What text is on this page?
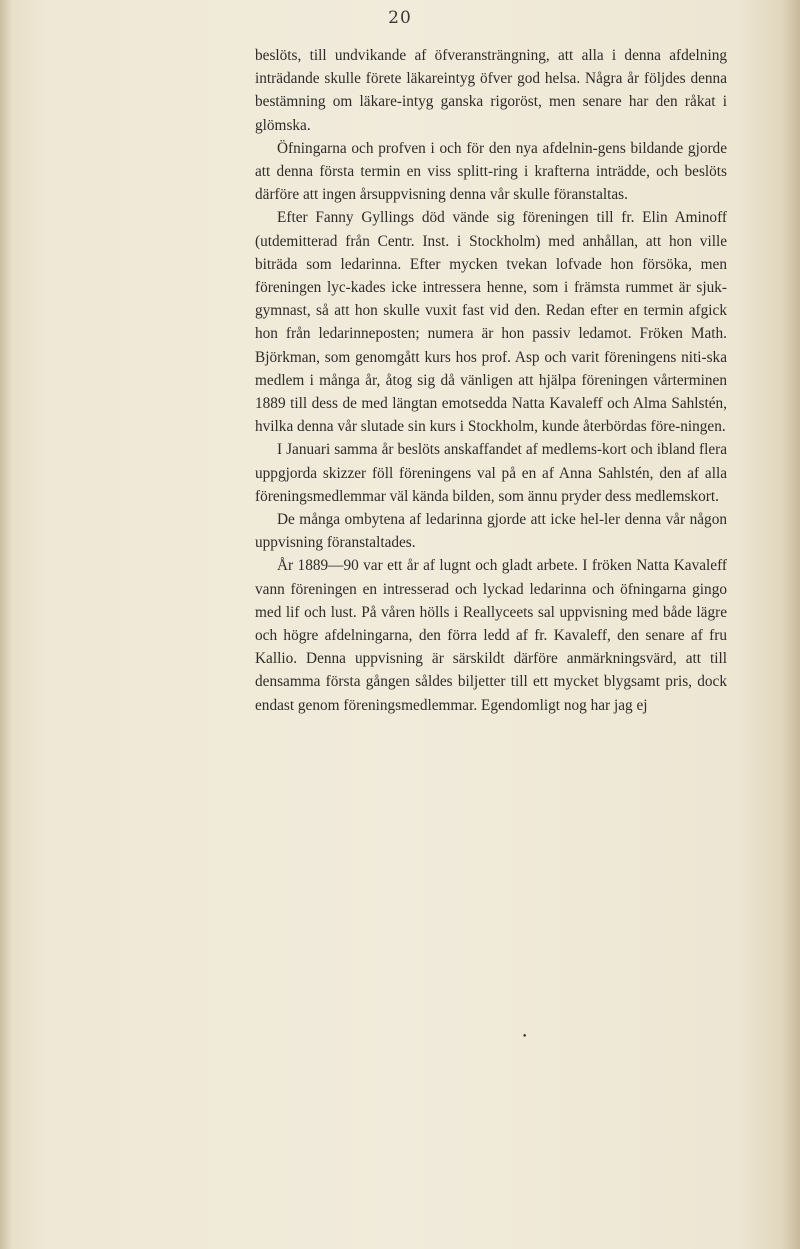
20

beslöts, till undvikande af öfveransträngning, att alla i denna afdelning inträdande skulle förete läkareintyg öfver god helsa. Några år följdes denna bestämning om läkare-intyg ganska rigoröst, men senare har den råkat i glömska.

Öfningarna och profven i och för den nya afdelnin-gens bildande gjorde att denna första termin en viss splitt-ring i krafterna inträdde, och beslöts därföre att ingen årsuppvisning denna vår skulle föranstaltas.

Efter Fanny Gyllings död vände sig föreningen till fr. Elin Aminoff (utdemitterad från Centr. Inst. i Stockholm) med anhållan, att hon ville biträda som ledarinna. Efter mycken tvekan lofvade hon försöka, men föreningen lyc-kades icke intressera henne, som i främsta rummet är sjuk-gymnast, så att hon skulle vuxit fast vid den. Redan efter en termin afgick hon från ledarinneposten; numera är hon passiv ledamot. Fröken Math. Björkman, som genomgått kurs hos prof. Asp och varit föreningens niti-ska medlem i många år, åtog sig då vänligen att hjälpa föreningen vårterminen 1889 till dess de med längtan emotsedda Natta Kavaleff och Alma Sahlstén, hvilka denna vår slutade sin kurs i Stockholm, kunde återbördas före-ningen.

I Januari samma år beslöts anskaffandet af medlems-kort och ibland flera uppgjorda skizzer föll föreningens val på en af Anna Sahlstén, den af alla föreningsmedlemmar väl kända bilden, som ännu pryder dess medlemskort.

De många ombytena af ledarinna gjorde att icke hel-ler denna vår någon uppvisning föranstaltades.

År 1889—90 var ett år af lugnt och gladt arbete. I fröken Natta Kavaleff vann föreningen en intresserad och lyckad ledarinna och öfningarna gingo med lif och lust. På våren hölls i Reallyceets sal uppvisning med både lägre och högre afdelningarna, den förra ledd af fr. Kavaleff, den senare af fru Kallio. Denna uppvisning är särskildt därföre anmärkningsvärd, att till densamma första gången såldes biljetter till ett mycket blygsamt pris, dock endast genom föreningsmedlemmar. Egendomligt nog har jag ej

•
